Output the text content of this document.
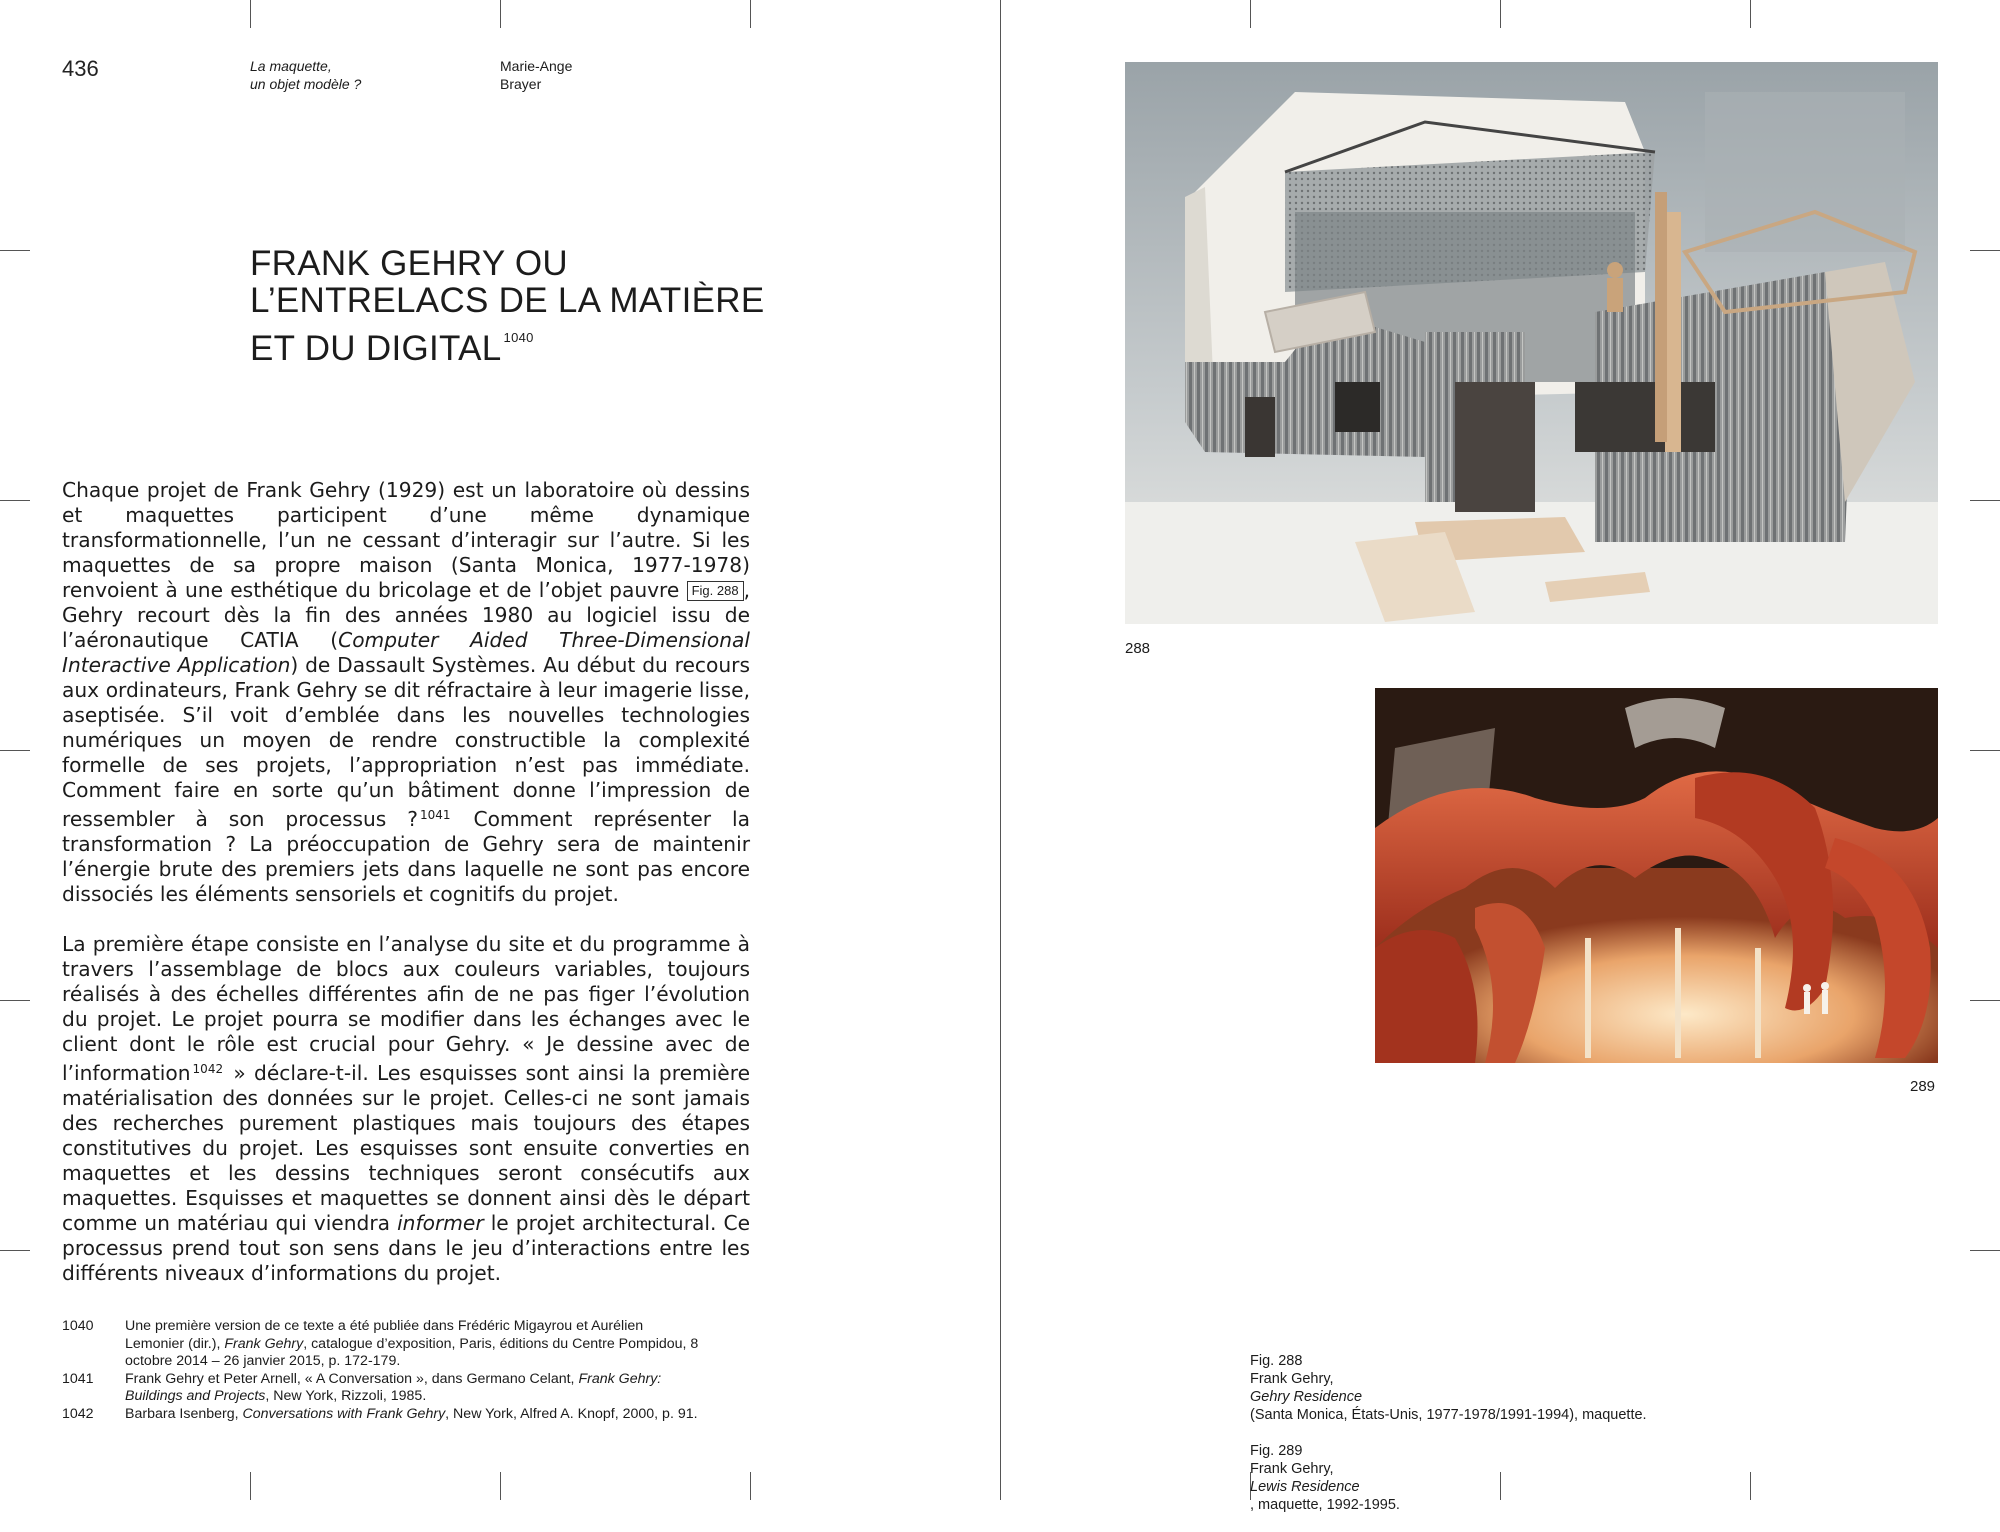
436	La maquette,
un objet modèle ?
Marie-Ange
Brayer
FRANK GEHRY OU
L’ENTRELACS DE LA MATIÈRE
ET DU DIGITAL $^{1040}$

Chaque projet de Frank Gehry (1929) est un laboratoire où dessins et maquettes participent d’une même dynamique transformationnelle, l’un ne cessant d’interagir sur l’autre. Si les maquettes de sa propre maison (Santa Monica, 1977-1978) renvoient à une esthétique du bricolage et de l’objet pauvre Fig. 288 , Gehry recourt dès la fin des années 1980 au logiciel issu de l’aéronautique CATIA (Computer Aided Three-Dimensional Interactive Application) de Dassault Systèmes. Au début du recours aux ordinateurs, Frank Gehry se dit réfractaire à leur imagerie lisse, aseptisée. S’il voit d’emblée dans les nouvelles technologies numériques un moyen de rendre constructible la complexité formelle de ses projets, l’appropriation n’est pas immédiate. Comment faire en sorte qu’un bâtiment donne l’impression de ressembler à son processus ? $^{1041}$ Comment représenter la transformation ? La préoccupation de Gehry sera de maintenir l’énergie brute des premiers jets dans laquelle ne sont pas encore dissociés les éléments sensoriels et cognitifs du projet.

La première étape consiste en l’analyse du site et du programme à travers l’assemblage de blocs aux couleurs variables, toujours réalisés à des échelles différentes afin de ne pas figer l’évolution du projet. Le projet pourra se modifier dans les échanges avec le client dont le rôle est crucial pour Gehry. « Je dessine avec de l’information $^{1042}$ » déclare-t-il. Les esquisses sont ainsi la première matérialisation des données sur le projet. Celles-ci ne sont jamais des recherches purement plastiques mais toujours des étapes constitutives du projet. Les esquisses sont ensuite converties en maquettes et les dessins techniques seront consécutifs aux maquettes. Esquisses et maquettes se donnent ainsi dès le départ comme un matériau qui viendra informer le projet architectural. Ce processus prend tout son sens dans le jeu d’interactions entre les différents niveaux d’informations du projet.

1040	Une première version de ce texte a été publiée dans Frédéric Migayrou et Aurélien Lemonier (dir.), Frank Gehry, catalogue d’exposition, Paris, éditions du Centre Pompidou, 8 octobre 2014 – 26 janvier 2015, p. 172-179.
1041	Frank Gehry et Peter Arnell, « A Conversation », dans Germano Celant, Frank Gehry: Buildings and Projects, New York, Rizzoli, 1985.
1042	Barbara Isenberg, Conversations with Frank Gehry, New York, Alfred A. Knopf, 2000, p. 91.
288
289
Fig. 288
Frank Gehry,
Gehry Residence
(Santa Monica, États-Unis, 1977-1978/1991-1994), maquette.
Fig. 289
Frank Gehry,
Lewis Residence
, maquette, 1992-1995.
